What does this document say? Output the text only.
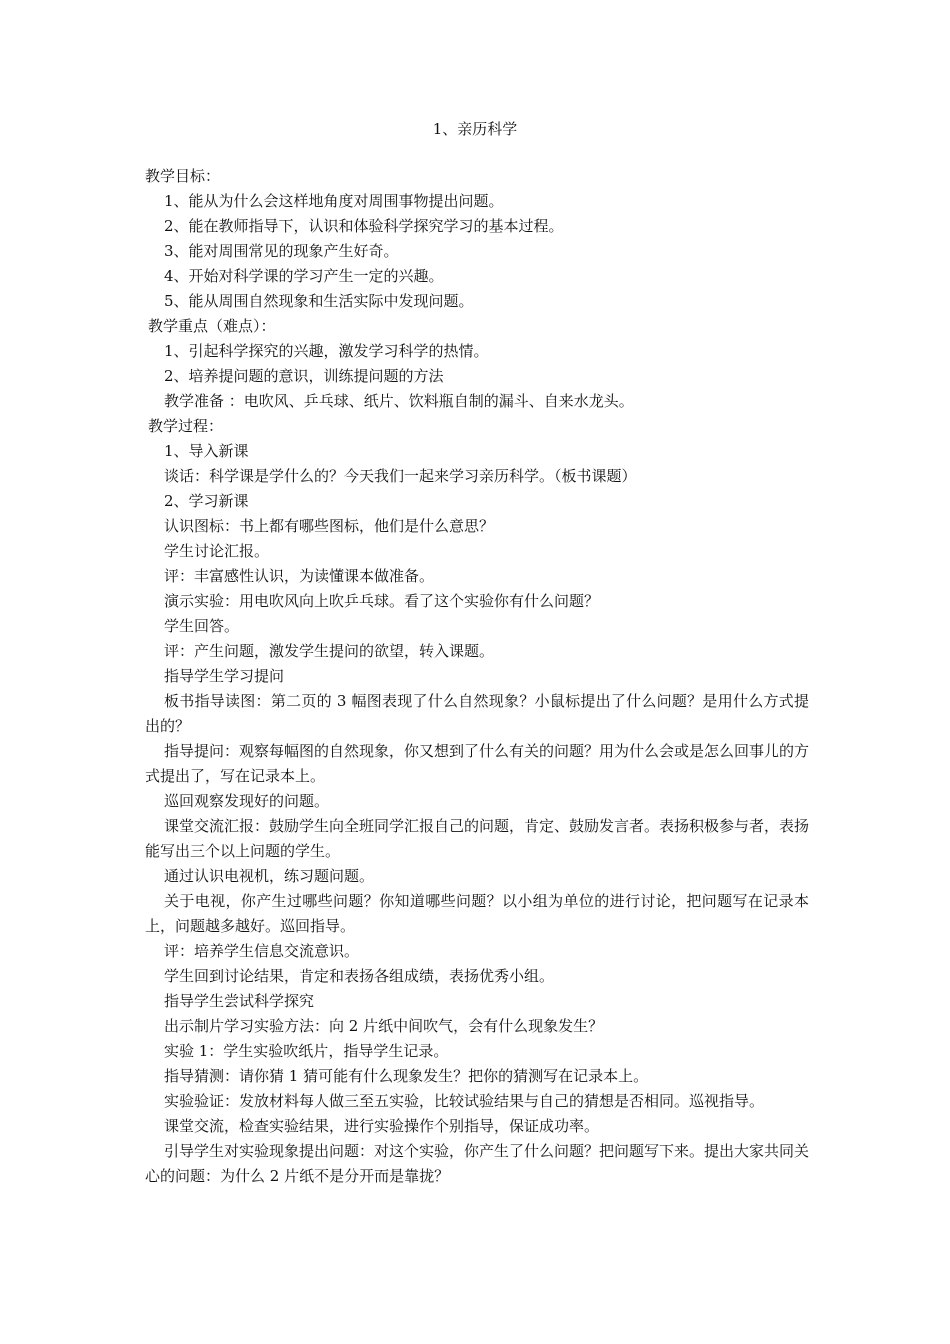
1、亲历科学

教学目标：

1、能从为什么会这样地角度对周围事物提出问题。

2、能在教师指导下，认识和体验科学探究学习的基本过程。

3、能对周围常见的现象产生好奇。

4、开始对科学课的学习产生一定的兴趣。

5、能从周围自然现象和生活实际中发现问题。

教学重点（难点）：

1、引起科学探究的兴趣，激发学习科学的热情。

2、培养提问题的意识，训练提问题的方法

教学准备 ：电吹风、乒乓球、纸片、饮料瓶自制的漏斗、自来水龙头。

教学过程：

1、导入新课

谈话：科学课是学什么的？今天我们一起来学习亲历科学。（板书课题）

2、学习新课

认识图标：书上都有哪些图标，他们是什么意思？

学生讨论汇报。

评：丰富感性认识，为读懂课本做准备。

演示实验：用电吹风向上吹乒乓球。看了这个实验你有什么问题？

学生回答。

评：产生问题，激发学生提问的欲望，转入课题。

指导学生学习提问

板书指导读图：第二页的 3 幅图表现了什么自然现象？小鼠标提出了什么问题？是用什么方式提出的？

指导提问：观察每幅图的自然现象，你又想到了什么有关的问题？用为什么会或是怎么回事儿的方式提出了，写在记录本上。

巡回观察发现好的问题。

课堂交流汇报：鼓励学生向全班同学汇报自己的问题，肯定、鼓励发言者。表扬积极参与者，表扬能写出三个以上问题的学生。

通过认识电视机，练习题问题。

关于电视，你产生过哪些问题？你知道哪些问题？以小组为单位的进行讨论，把问题写在记录本上，问题越多越好。巡回指导。

评：培养学生信息交流意识。

学生回到讨论结果，肯定和表扬各组成绩，表扬优秀小组。

指导学生尝试科学探究

出示制片学习实验方法：向 2 片纸中间吹气，会有什么现象发生？

实验 1：学生实验吹纸片，指导学生记录。

指导猜测：请你猜 1 猜可能有什么现象发生？把你的猜测写在记录本上。

实验验证：发放材料每人做三至五实验，比较试验结果与自己的猜想是否相同。巡视指导。

课堂交流，检查实验结果，进行实验操作个别指导，保证成功率。

引导学生对实验现象提出问题：对这个实验，你产生了什么问题？把问题写下来。提出大家共同关心的问题：为什么 2 片纸不是分开而是靠拢？
